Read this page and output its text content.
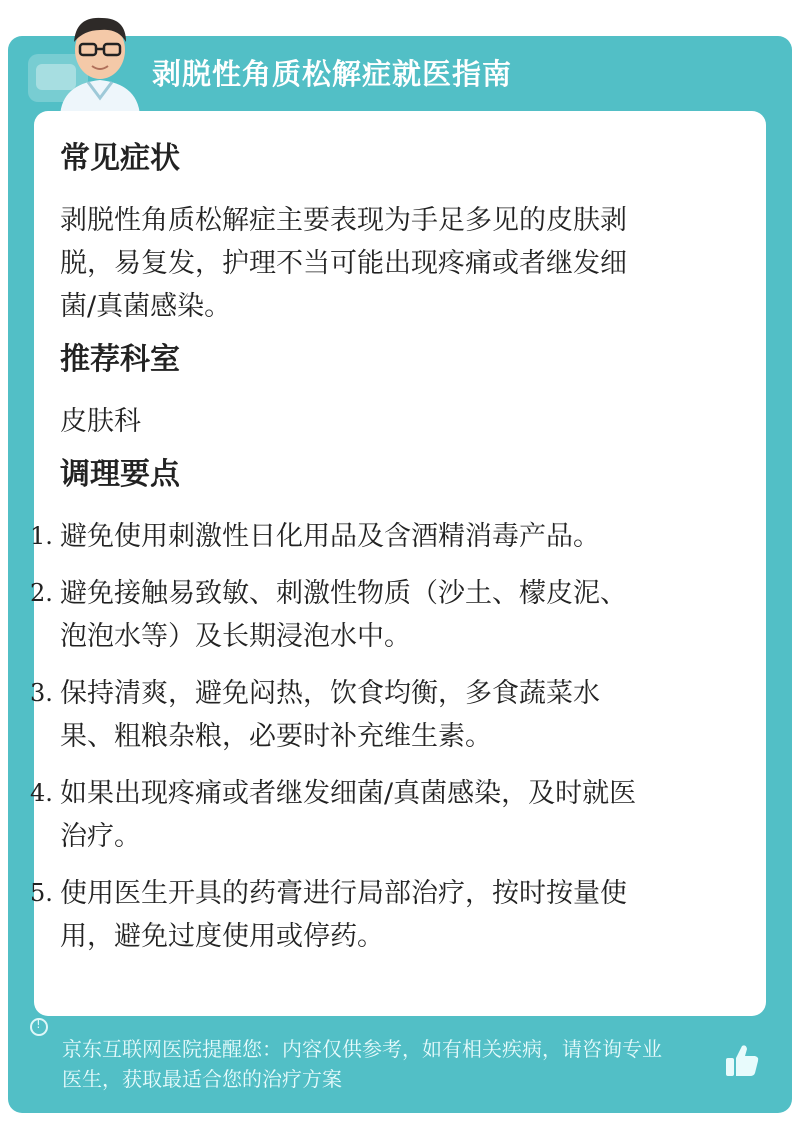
剥脱性角质松解症就医指南
常见症状
剥脱性角质松解症主要表现为手足多见的皮肤剥
脱，易复发，护理不当可能出现疼痛或者继发细
菌/真菌感染。
推荐科室
皮肤科
调理要点
1. 避免使用刺激性日化用品及含酒精消毒产品。
2. 避免接触易致敏、刺激性物质（沙土、檬皮泥、
泡泡水等）及长期浸泡水中。
3. 保持清爽，避免闷热，饮食均衡，多食蔬菜水
果、粗粮杂粮，必要时补充维生素。
4. 如果出现疼痛或者继发细菌/真菌感染，及时就医
治疗。
5. 使用医生开具的药膏进行局部治疗，按时按量使
用，避免过度使用或停药。
!
京东互联网医院提醒您：内容仅供参考，如有相关疾病，请咨询专业
医生，获取最适合您的治疗方案
